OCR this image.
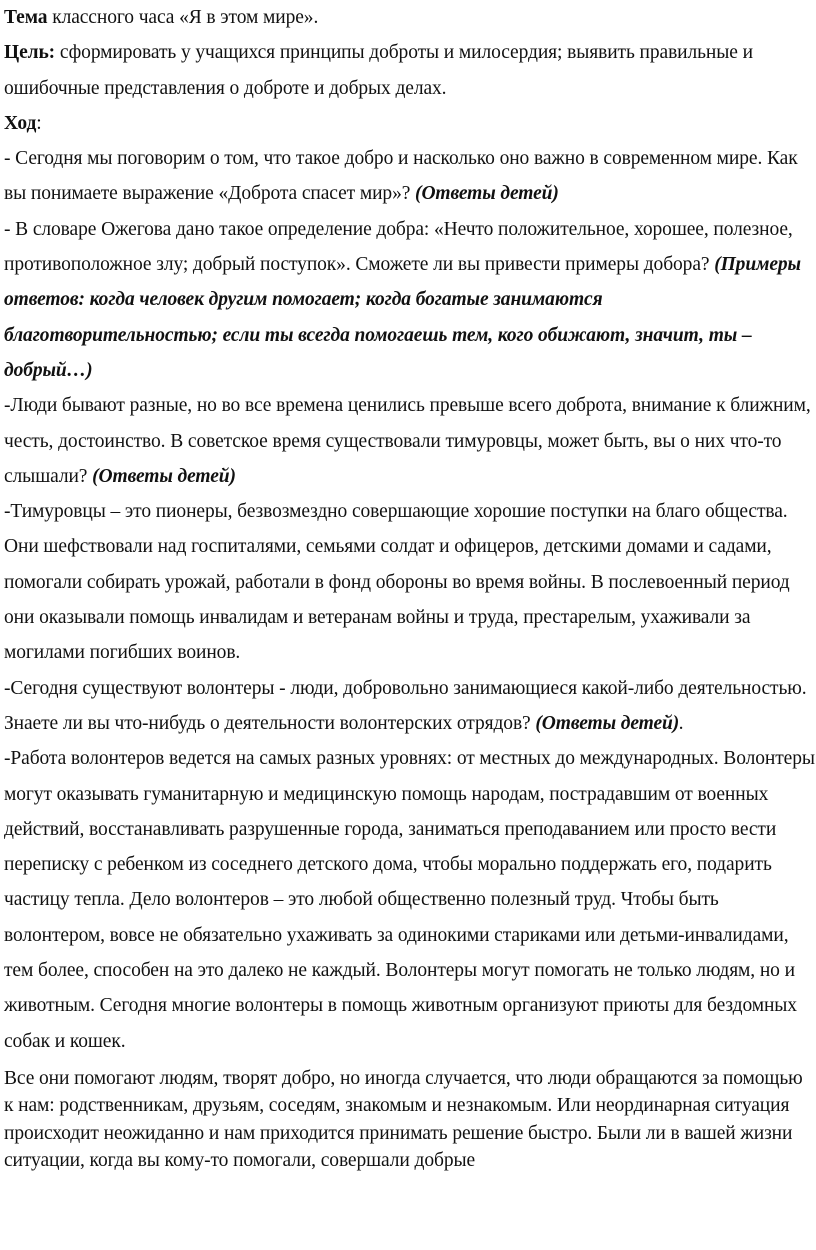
Тема классного часа «Я в этом мире».

Цель: сформировать у учащихся принципы доброты и милосердия; выявить правильные и ошибочные представления о доброте и добрых делах.

Ход:

- Сегодня мы поговорим о том, что такое добро и насколько оно важно в современном мире. Как вы понимаете выражение «Доброта спасет мир»? (Ответы детей)

- В словаре Ожегова дано такое определение добра: «Нечто положительное, хорошее, полезное, противоположное злу; добрый поступок». Сможете ли вы привести примеры добора? (Примеры ответов: когда человек другим помогает; когда богатые занимаются благотворительностью; если ты всегда помогаешь тем, кого обижают, значит, ты – добрый…)

-Люди бывают разные, но во все времена ценились превыше всего доброта, внимание к ближним, честь, достоинство. В советское время существовали тимуровцы, может быть, вы о них что-то слышали? (Ответы детей)

-Тимуровцы – это пионеры, безвозмездно совершающие хорошие поступки на благо общества. Они шефствовали над госпиталями, семьями солдат и офицеров, детскими домами и садами, помогали собирать урожай, работали в фонд обороны во время войны. В послевоенный период они оказывали помощь инвалидам и ветеранам войны и труда, престарелым, ухаживали за могилами погибших воинов.

-Сегодня существуют волонтеры - люди, добровольно занимающиеся какой-либо деятельностью. Знаете ли вы что-нибудь о деятельности волонтерских отрядов? (Ответы детей).

-Работа волонтеров ведется на самых разных уровнях: от местных до международных. Волонтеры могут оказывать гуманитарную и медицинскую помощь народам, пострадавшим от военных действий, восстанавливать разрушенные города, заниматься преподаванием или просто вести переписку с ребенком из соседнего детского дома, чтобы морально поддержать его, подарить частицу тепла. Дело волонтеров – это любой общественно полезный труд. Чтобы быть волонтером, вовсе не обязательно ухаживать за одинокими стариками или детьми-инвалидами, тем более, способен на это далеко не каждый. Волонтеры могут помогать не только людям, но и животным. Сегодня многие волонтеры в помощь животным организуют приюты для бездомных собак и кошек.

Все они помогают людям, творят добро, но иногда случается, что люди обращаются за помощью к нам: родственникам, друзьям, соседям, знакомым и незнакомым. Или неординарная ситуация происходит неожиданно и нам приходится принимать решение быстро. Были ли в вашей жизни ситуации, когда вы кому-то помогали, совершали добрые
